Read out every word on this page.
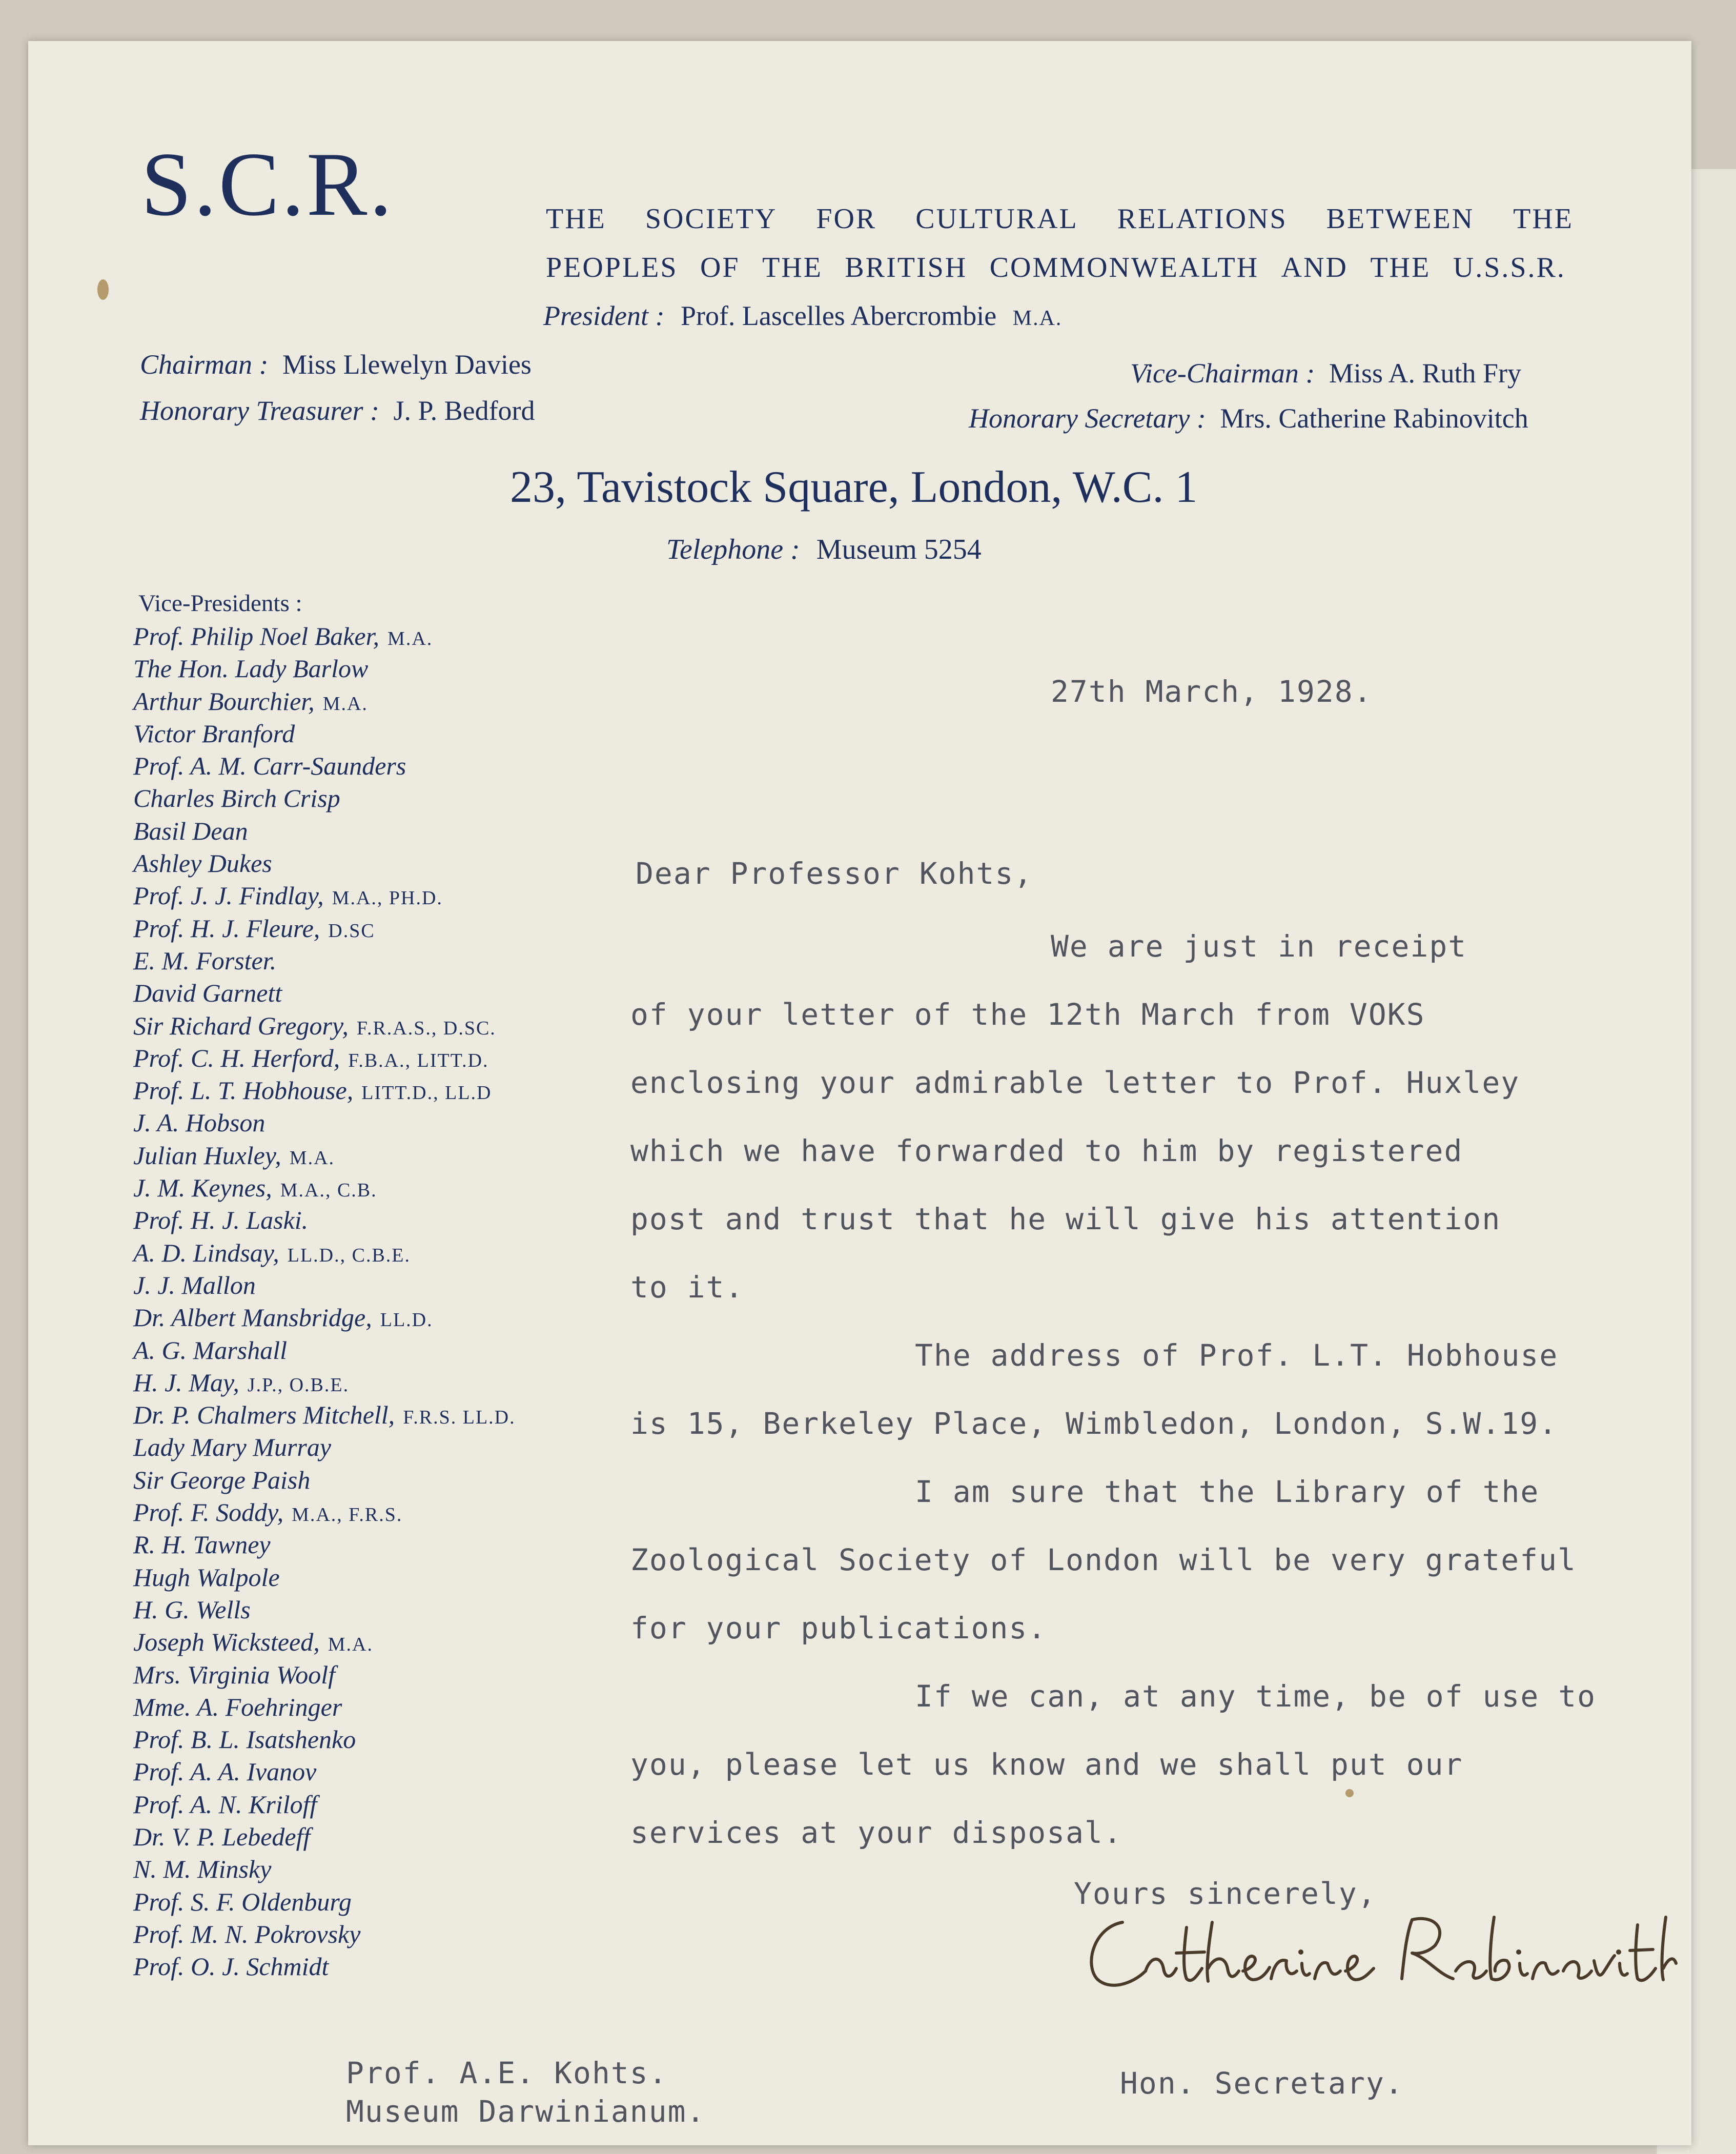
S.C.R.	THE SOCIETY FOR CULTURAL RELATIONS BETWEEN THE
PEOPLES OF THE BRITISH COMMONWEALTH AND THE U.S.S.R.
President : Prof. Lascelles Abercrombie M.A.
Chairman : Miss Llewelyn Davies	Vice-Chairman : Miss A. Ruth Fry
Honorary Treasurer : J. P. Bedford	Honorary Secretary : Mrs. Catherine Rabinovitch
23, Tavistock Square, London, W.C. 1
Telephone : Museum 5254
Vice-Presidents :
Prof. Philip Noel Baker, M.A.
The Hon. Lady Barlow
Arthur Bourchier, M.A.
Victor Branford
Prof. A. M. Carr-Saunders
Charles Birch Crisp
Basil Dean
Ashley Dukes
Prof. J. J. Findlay, M.A., PH.D.
Prof. H. J. Fleure, D.SC
E. M. Forster.
David Garnett
Sir Richard Gregory, F.R.A.S., D.SC.
Prof. C. H. Herford, F.B.A., LITT.D.
Prof. L. T. Hobhouse, LITT.D., LL.D
J. A. Hobson
Julian Huxley, M.A.
J. M. Keynes, M.A., C.B.
Prof. H. J. Laski.
A. D. Lindsay, LL.D., C.B.E.
J. J. Mallon
Dr. Albert Mansbridge, LL.D.
A. G. Marshall
H. J. May, J.P., O.B.E.
Dr. P. Chalmers Mitchell, F.R.S. LL.D.
Lady Mary Murray
Sir George Paish
Prof. F. Soddy, M.A., F.R.S.
R. H. Tawney
Hugh Walpole
H. G. Wells
Joseph Wicksteed, M.A.
Mrs. Virginia Woolf
Mme. A. Foehringer
Prof. B. L. Isatshenko
Prof. A. A. Ivanov
Prof. A. N. Kriloff
Dr. V. P. Lebedeff
N. M. Minsky
Prof. S. F. Oldenburg
Prof. M. N. Pokrovsky
Prof. O. J. Schmidt
27th March, 1928.
Dear Professor Kohts,
We are just in receipt
of your letter of the 12th March from VOKS
enclosing your admirable letter to Prof. Huxley
which we have forwarded to him by registered
post and trust that he will give his attention
to it.
The address of Prof. L.T. Hobhouse
is 15, Berkeley Place, Wimbledon, London, S.W.19.
I am sure that the Library of the
Zoological Society of London will be very grateful
for your publications.
If we can, at any time, be of use to
you, please let us know and we shall put our
services at your disposal.
Yours sincerely,
Hon. Secretary.
Prof. A.E. Kohts.
Museum Darwinianum.
